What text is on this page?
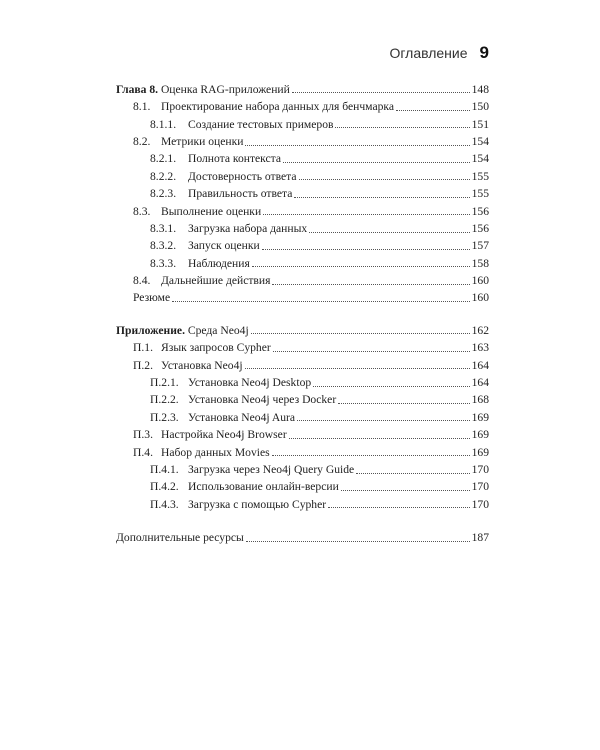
Оглавление 9
Глава 8. Оценка RAG-приложений	148
8.1. Проектирование набора данных для бенчмарка	150
8.1.1. Создание тестовых примеров	151
8.2. Метрики оценки	154
8.2.1. Полнота контекста	154
8.2.2. Достоверность ответа	155
8.2.3. Правильность ответа	155
8.3. Выполнение оценки	156
8.3.1. Загрузка набора данных	156
8.3.2. Запуск оценки	157
8.3.3. Наблюдения	158
8.4. Дальнейшие действия	160
Резюме	160
Приложение. Среда Neo4j	162
П.1. Язык запросов Cypher	163
П.2. Установка Neo4j	164
П.2.1. Установка Neo4j Desktop	164
П.2.2. Установка Neo4j через Docker	168
П.2.3. Установка Neo4j Aura	169
П.3. Настройка Neo4j Browser	169
П.4. Набор данных Movies	169
П.4.1. Загрузка через Neo4j Query Guide	170
П.4.2. Использование онлайн-версии	170
П.4.3. Загрузка с помощью Cypher	170
Дополнительные ресурсы	187
